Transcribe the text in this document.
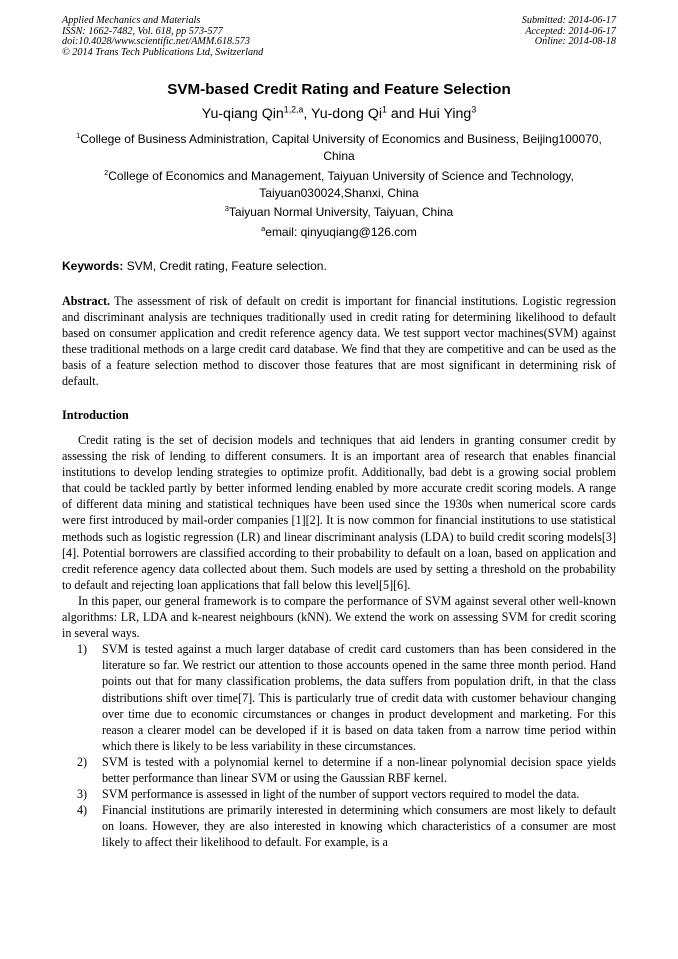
Applied Mechanics and Materials
ISSN: 1662-7482, Vol. 618, pp 573-577
doi:10.4028/www.scientific.net/AMM.618.573
© 2014 Trans Tech Publications Ltd, Switzerland
Submitted: 2014-06-17
Accepted: 2014-06-17
Online: 2014-08-18
SVM-based Credit Rating and Feature Selection
Yu-qiang Qin$^{1,2,a}$, Yu-dong Qi$^1$ and Hui Ying$^3$
$^1$College of Business Administration, Capital University of Economics and Business, Beijing100070, China
$^2$College of Economics and Management, Taiyuan University of Science and Technology, Taiyuan030024,Shanxi, China
$^3$Taiyuan Normal University, Taiyuan, China
$^a$email: qinyuqiang@126.com
Keywords: SVM, Credit rating, Feature selection.
Abstract. The assessment of risk of default on credit is important for financial institutions. Logistic regression and discriminant analysis are techniques traditionally used in credit rating for determining likelihood to default based on consumer application and credit reference agency data. We test support vector machines(SVM) against these traditional methods on a large credit card database. We find that they are competitive and can be used as the basis of a feature selection method to discover those features that are most significant in determining risk of default.
Introduction

Credit rating is the set of decision models and techniques that aid lenders in granting consumer credit by assessing the risk of lending to different consumers. It is an important area of research that enables financial institutions to develop lending strategies to optimize profit. Additionally, bad debt is a growing social problem that could be tackled partly by better informed lending enabled by more accurate credit scoring models. A range of different data mining and statistical techniques have been used since the 1930s when numerical score cards were first introduced by mail-order companies [1][2]. It is now common for financial institutions to use statistical methods such as logistic regression (LR) and linear discriminant analysis (LDA) to build credit scoring models[3][4]. Potential borrowers are classified according to their probability to default on a loan, based on application and credit reference agency data collected about them. Such models are used by setting a threshold on the probability to default and rejecting loan applications that fall below this level[5][6].

In this paper, our general framework is to compare the performance of SVM against several other well-known algorithms: LR, LDA and k-nearest neighbours (kNN). We extend the work on assessing SVM for credit scoring in several ways.

1) SVM is tested against a much larger database of credit card customers than has been considered in the literature so far. We restrict our attention to those accounts opened in the same three month period. Hand points out that for many classification problems, the data suffers from population drift, in that the class distributions shift over time[7]. This is particularly true of credit data with customer behaviour changing over time due to economic circumstances or changes in product development and marketing. For this reason a clearer model can be developed if it is based on data taken from a narrow time period within which there is likely to be less variability in these circumstances.
2) SVM is tested with a polynomial kernel to determine if a non-linear polynomial decision space yields better performance than linear SVM or using the Gaussian RBF kernel.
3) SVM performance is assessed in light of the number of support vectors required to model the data.
4) Financial institutions are primarily interested in determining which consumers are most likely to default on loans. However, they are also interested in knowing which characteristics of a consumer are most likely to affect their likelihood to default. For example, is a
